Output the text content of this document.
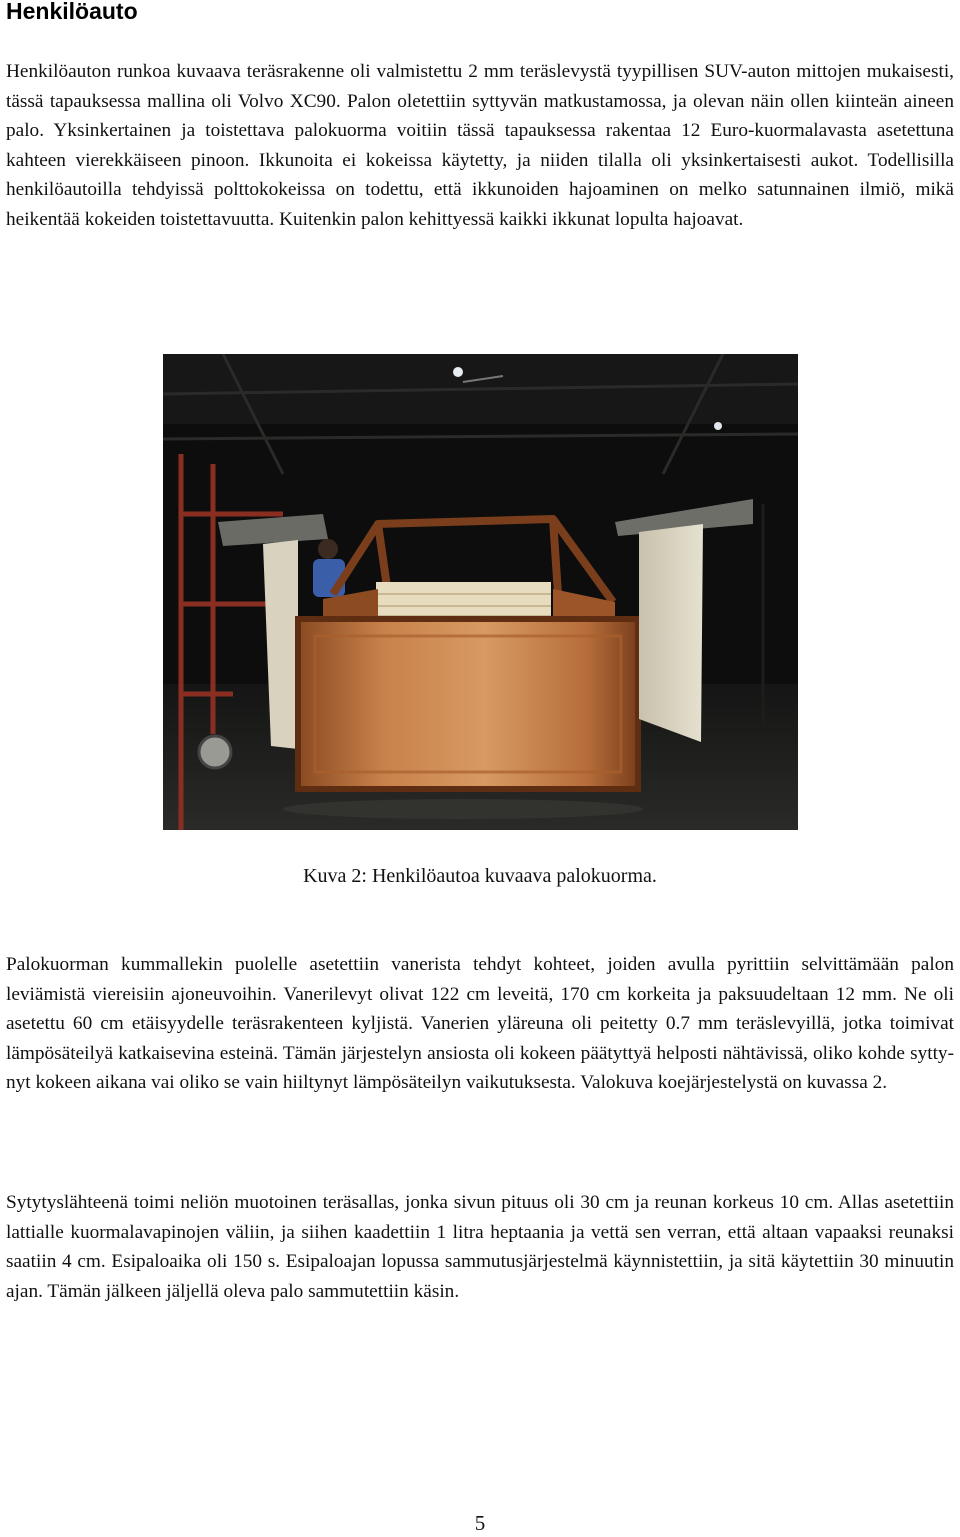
Henkilöauto

Henkilöauton runkoa kuvaava teräsrakenne oli valmistettu 2 mm teräslevystä tyypillisen SUV-auton mittojen mukaisesti, tässä tapauksessa mallina oli Volvo XC90. Palon oletettiin syttyvän matkustamossa, ja olevan näin ollen kiinteän aineen palo. Yksinkertainen ja toistettava palokuorma voitiin tässä tapauksessa rakentaa 12 Euro-kuormalavasta asetettuna kahteen vierekkäiseen pinoon. Ikkunoita ei kokeissa käytetty, ja niiden tilalla oli yksinkertaisesti aukot. Todellisilla henkilöautoilla tehdyissä polttokokeissa on todettu, että ikkunoiden hajoaminen on melko satunnainen ilmiö, mikä heikentää kokeiden toistettavuutta. Kuitenkin palon kehittyessä kaikki ikkunat lopulta hajoavat.

Kuva 2: Henkilöautoa kuvaava palokuorma.

Palokuorman kummallekin puolelle asetettiin vanerista tehdyt kohteet, joiden avulla pyrittiin selvittämään palon leviämistä viereisiin ajoneuvoihin. Vanerilevyt olivat 122 cm leveitä, 170 cm korkeita ja paksuudeltaan 12 mm. Ne oli asetettu 60 cm etäisyydelle teräsrakenteen kyljistä. Vanerien yläreuna oli peitetty 0.7 mm teräslevyillä, jotka toimivat lämpösäteilyä katkaisevina esteinä. Tämän järjestelyn ansiosta oli kokeen päätyttyä helposti nähtävissä, oliko kohde syttynyt kokeen aikana vai oliko se vain hiiltynyt lämpösäteilyn vaikutuksesta. Valokuva koejärjestelystä on kuvassa 2.

Sytytyslähteenä toimi neliön muotoinen teräsallas, jonka sivun pituus oli 30 cm ja reunan korkeus 10 cm. Allas asetettiin lattialle kuormalavapinojen väliin, ja siihen kaadettiin 1 litra heptaania ja vettä sen verran, että altaan vapaaksi reunaksi saatiin 4 cm. Esipaloaika oli 150 s. Esipaloajan lopussa sammutusjärjestelmä käynnistettiin, ja sitä käytettiin 30 minuutin ajan. Tämän jälkeen jäljellä oleva palo sammutettiin käsin.

5
